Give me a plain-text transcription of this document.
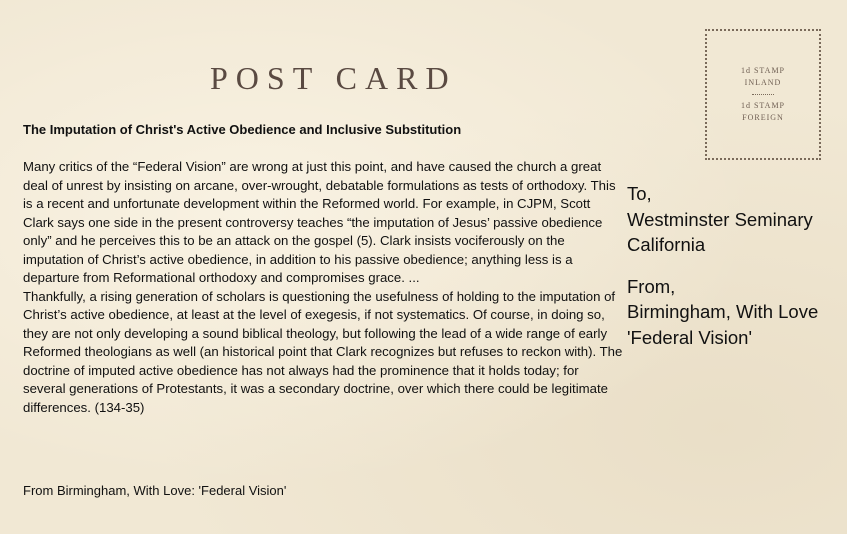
POST CARD	1d STAMP
INLAND
1d STAMP
FOREIGN
The Imputation of Christ's Active Obedience and Inclusive Substitution

Many critics of the “Federal Vision” are wrong at just this point, and have caused the church a great deal of unrest by insisting on arcane, over-wrought, debatable formulations as tests of orthodoxy. This is a recent and unfortunate development within the Reformed world. For example, in CJPM, Scott Clark says one side in the present controversy teaches “the imputation of Jesus’ passive obedience only” and he perceives this to be an attack on the gospel (5). Clark insists vociferously on the imputation of Christ’s active obedience, in addition to his passive obedience; anything less is a departure from Reformational orthodoxy and compromises grace. ...

Thankfully, a rising generation of scholars is questioning the usefulness of holding to the imputation of Christ’s active obedience, at least at the level of exegesis, if not systematics. Of course, in doing so, they are not only developing a sound biblical theology, but following the lead of a wide range of early Reformed theologians as well (an historical point that Clark recognizes but refuses to reckon with). The doctrine of imputed active obedience has not always had the prominence that it holds today; for several generations of Protestants, it was a secondary doctrine, over which there could be legitimate differences. (134-35)

From Birmingham, With Love: 'Federal Vision'
To,
Westminster Seminary
California
From,
Birmingham, With Love
'Federal Vision'
